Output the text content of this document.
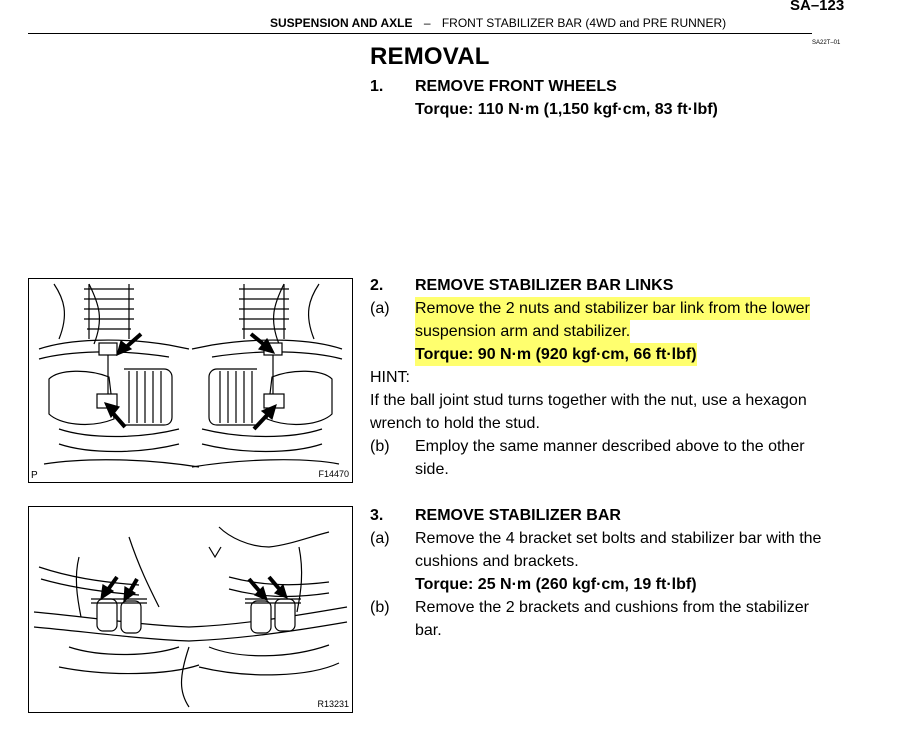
SA–123
SUSPENSION AND AXLE – FRONT STABILIZER BAR (4WD and PRE RUNNER)
SA22T–01
REMOVAL
1. REMOVE FRONT WHEELS
Torque: 110 N·m (1,150 kgf·cm, 83 ft·lbf)
2. REMOVE STABILIZER BAR LINKS
(a) Remove the 2 nuts and stabilizer bar link from the lower
suspension arm and stabilizer.
Torque: 90 N·m (920 kgf·cm, 66 ft·lbf)
HINT:
If the ball joint stud turns together with the nut, use a hexagon
wrench to hold the stud.
(b) Employ the same manner described above to the other
side.
3. REMOVE STABILIZER BAR
(a) Remove the 4 bracket set bolts and stabilizer bar with the
cushions and brackets.
Torque: 25 N·m (260 kgf·cm, 19 ft·lbf)
(b) Remove the 2 brackets and cushions from the stabilizer
bar.
F14470
P
R13231
